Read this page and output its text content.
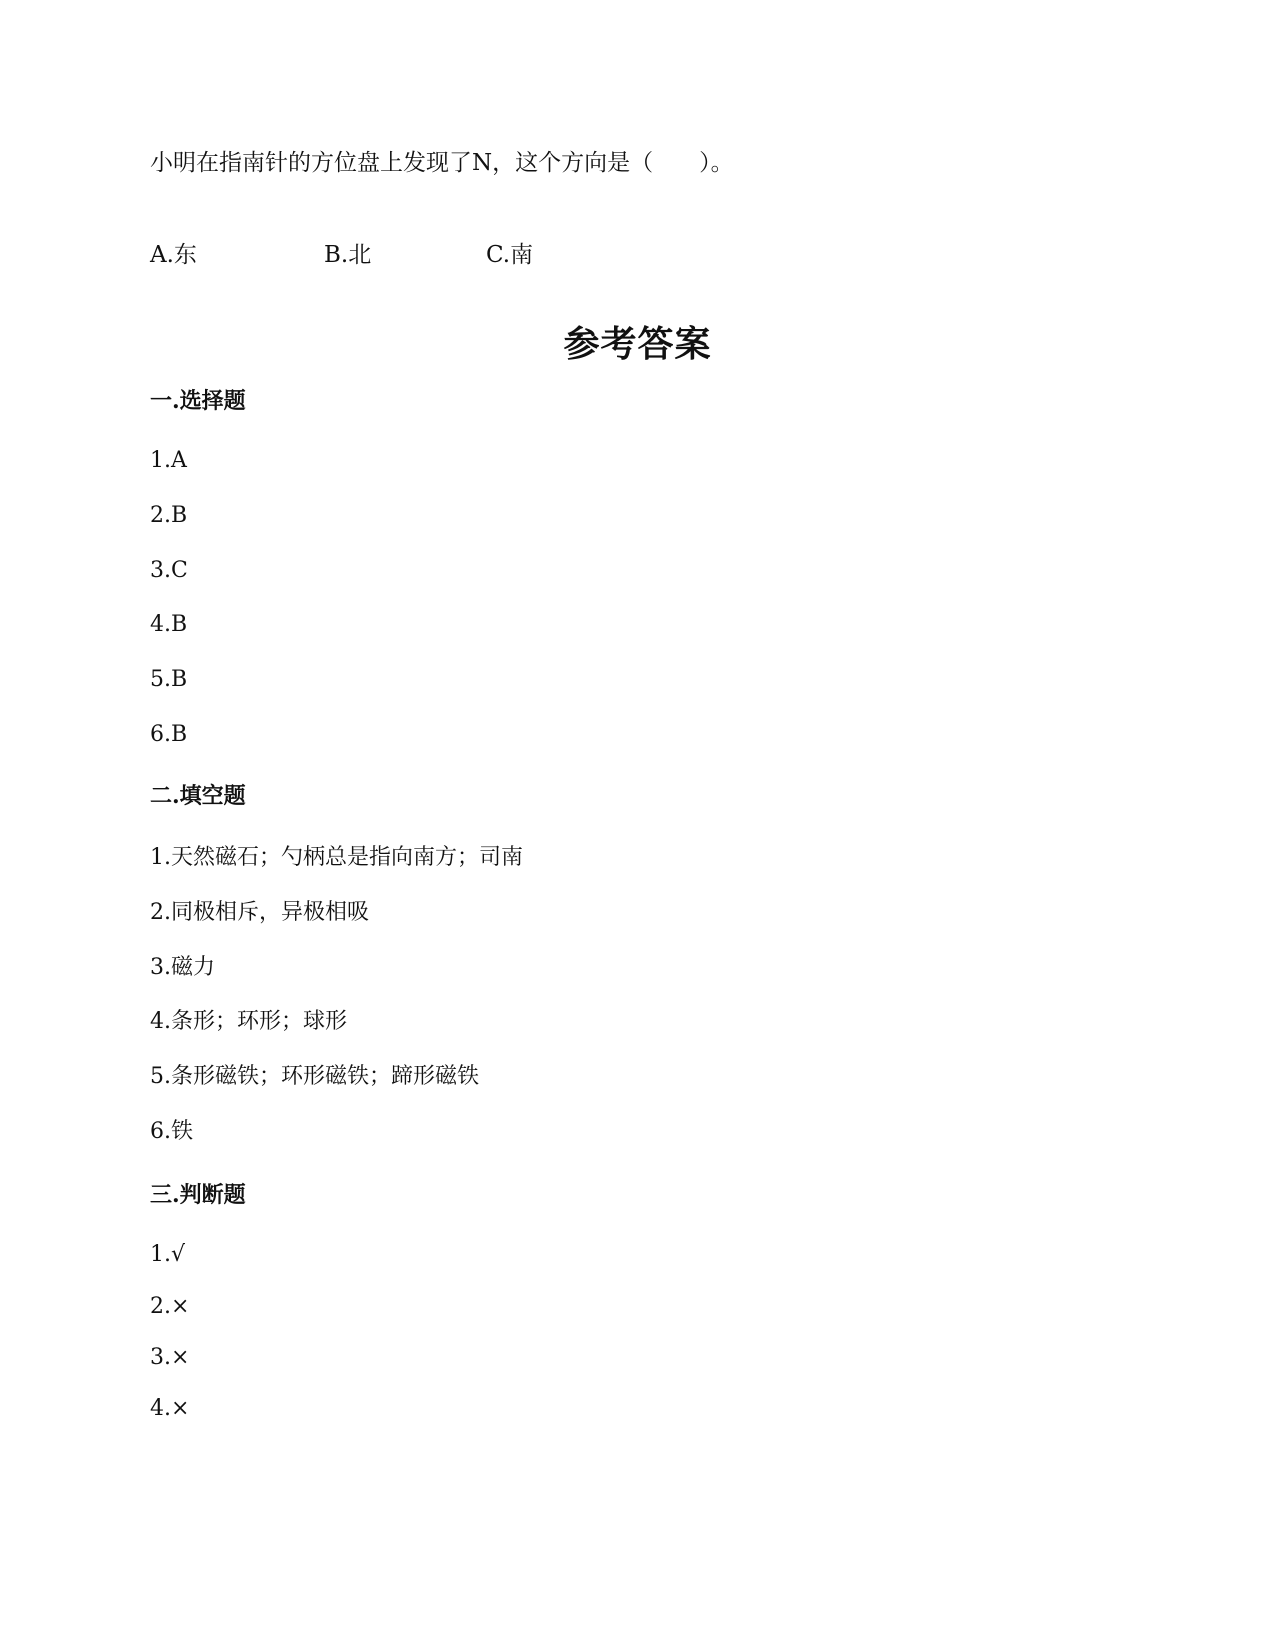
小明在指南针的方位盘上发现了N，这个方向是（　　）。
A.东	B.北	C.南
参考答案
一.选择题
1.A
2.B
3.C
4.B
5.B
6.B
二.填空题
1.天然磁石；勺柄总是指向南方；司南
2.同极相斥，异极相吸
3.磁力
4.条形；环形；球形
5.条形磁铁；环形磁铁；蹄形磁铁
6.铁
三.判断题
1.√
2.×
3.×
4.×
